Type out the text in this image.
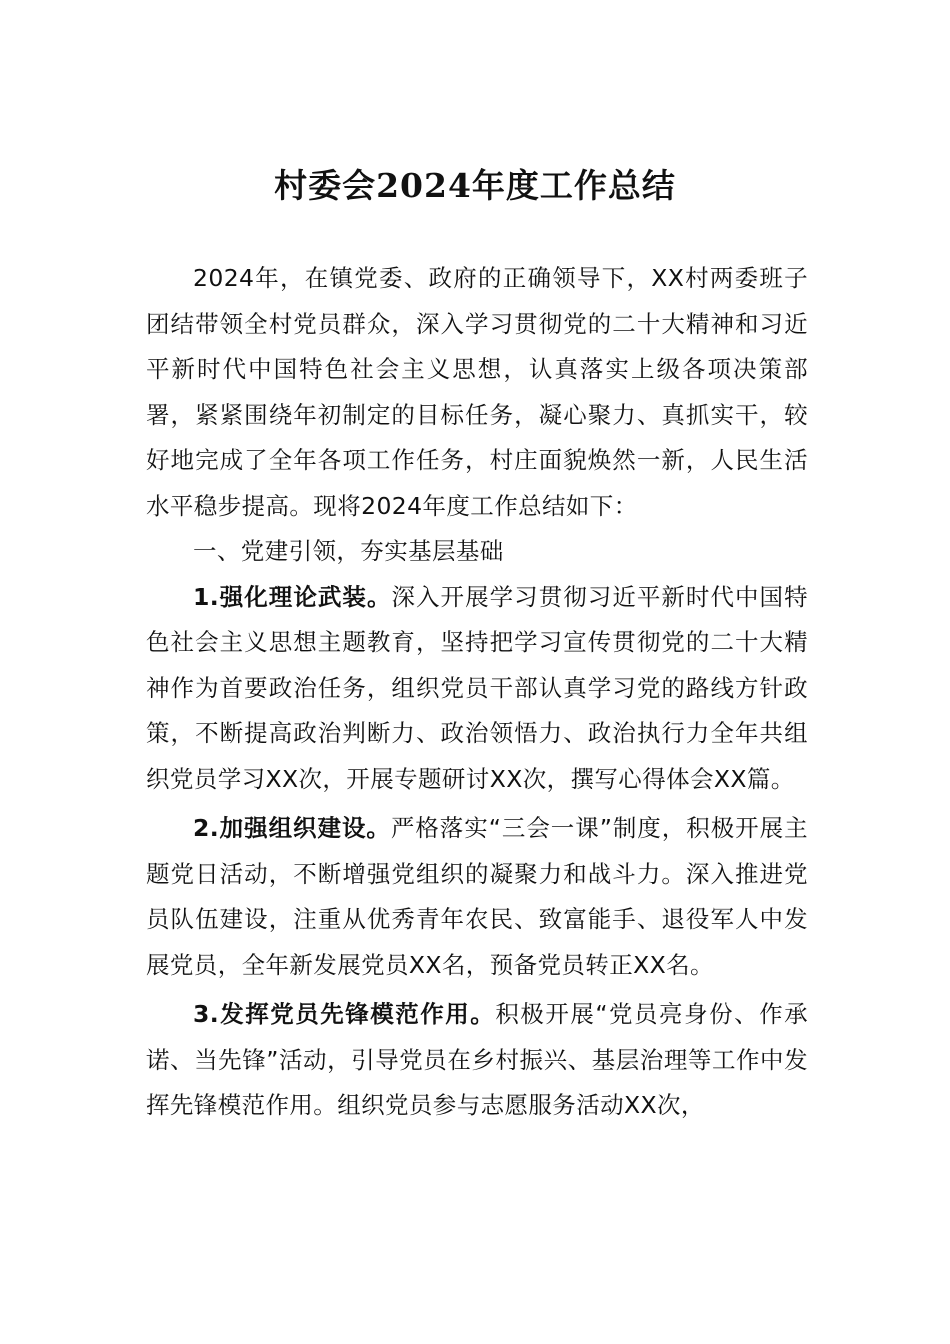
村委会2024年度工作总结

2024年，在镇党委、政府的正确领导下，XX村两委班子团结带领全村党员群众，深入学习贯彻党的二十大精神和习近平新时代中国特色社会主义思想，认真落实上级各项决策部署，紧紧围绕年初制定的目标任务，凝心聚力、真抓实干，较好地完成了全年各项工作任务，村庄面貌焕然一新，人民生活水平稳步提高。现将2024年度工作总结如下：

一、党建引领，夯实基层基础

1.强化理论武装。深入开展学习贯彻习近平新时代中国特色社会主义思想主题教育，坚持把学习宣传贯彻党的二十大精神作为首要政治任务，组织党员干部认真学习党的路线方针政策，不断提高政治判断力、政治领悟力、政治执行力全年共组织党员学习XX次，开展专题研讨XX次，撰写心得体会XX篇。

2.加强组织建设。严格落实“三会一课”制度，积极开展主题党日活动，不断增强党组织的凝聚力和战斗力。深入推进党员队伍建设，注重从优秀青年农民、致富能手、退役军人中发展党员，全年新发展党员XX名，预备党员转正XX名。

3.发挥党员先锋模范作用。积极开展“党员亮身份、作承诺、当先锋”活动，引导党员在乡村振兴、基层治理等工作中发挥先锋模范作用。组织党员参与志愿服务活动XX次，
